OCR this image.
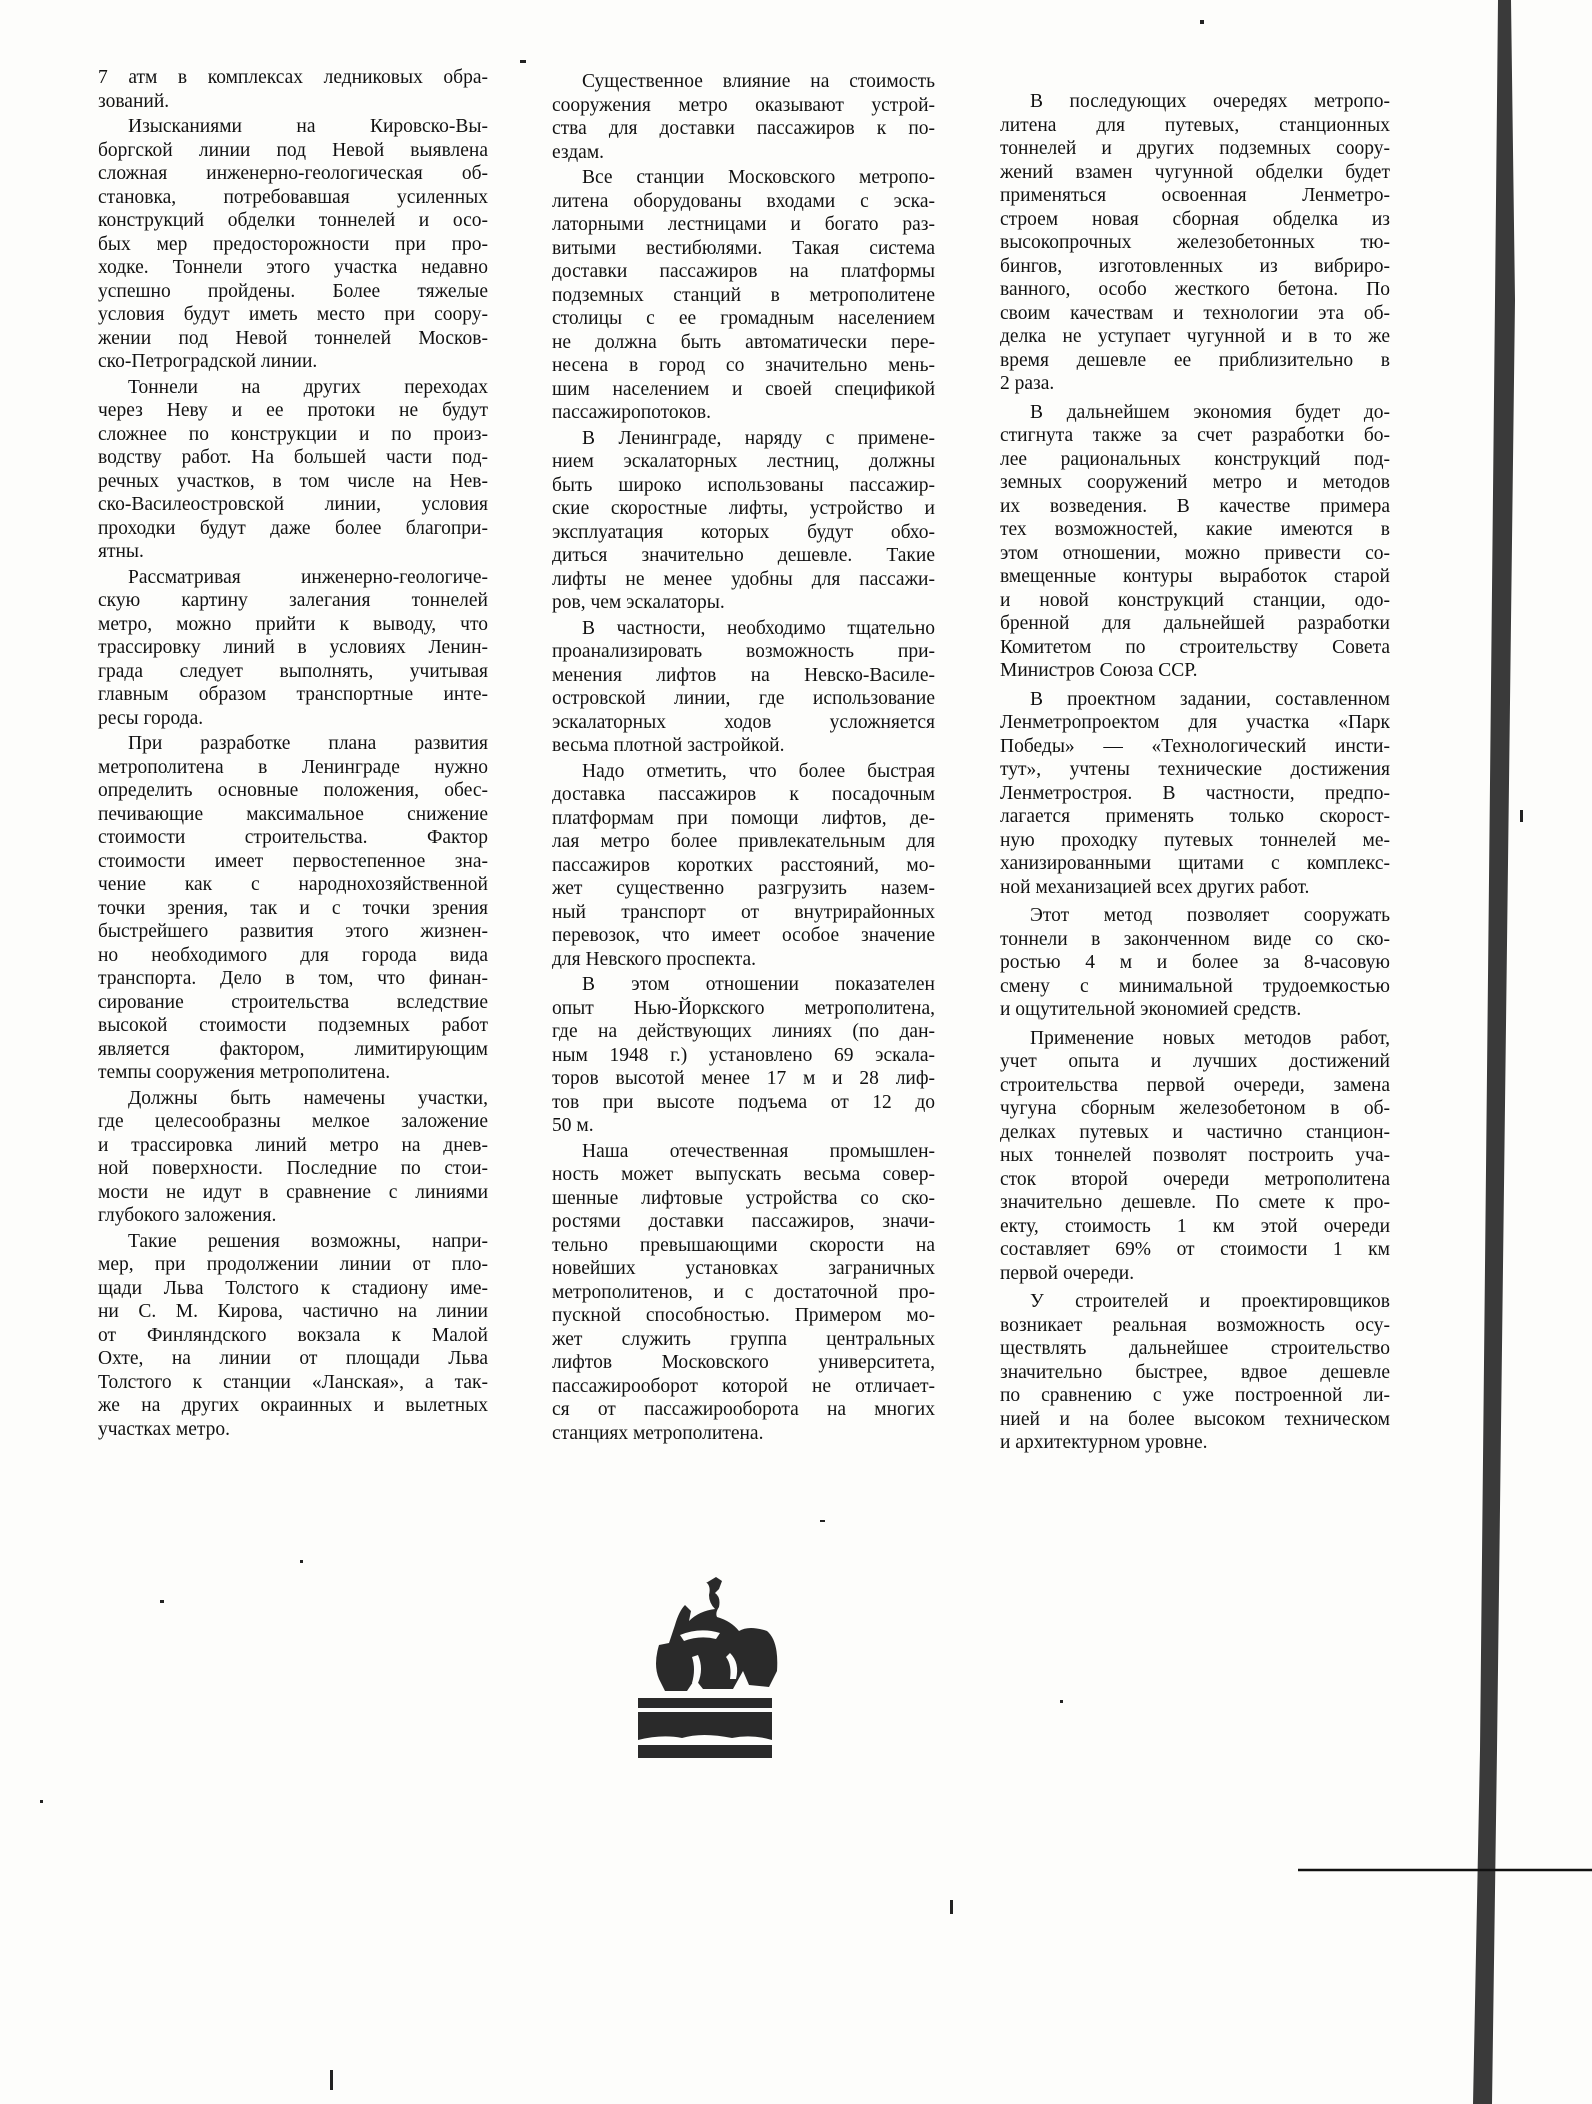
7 атм в комплексах ледниковых обра-
зований.
Изысканиями на Кировско-Вы-
боргской линии под Невой выявлена
сложная инженерно-геологическая об-
становка, потребовавшая усиленных
конструкций обделки тоннелей и осо-
бых мер предосторожности при про-
ходке. Тоннели этого участка недавно
успешно пройдены. Более тяжелые
условия будут иметь место при соору-
жении под Невой тоннелей Москов-
ско-Петроградской линии.
Тоннели на других переходах
через Неву и ее протоки не будут
сложнее по конструкции и по произ-
водству работ. На большей части под-
речных участков, в том числе на Нев-
ско-Василеостровской линии, условия
проходки будут даже более благопри-
ятны.
Рассматривая инженерно-геологиче-
скую картину залегания тоннелей
метро, можно прийти к выводу, что
трассировку линий в условиях Ленин-
града следует выполнять, учитывая
главным образом транспортные инте-
ресы города.
При разработке плана развития
метрополитена в Ленинграде нужно
определить основные положения, обес-
печивающие максимальное снижение
стоимости строительства. Фактор
стоимости имеет первостепенное зна-
чение как с народнохозяйственной
точки зрения, так и с точки зрения
быстрейшего развития этого жизнен-
но необходимого для города вида
транспорта. Дело в том, что финан-
сирование строительства вследствие
высокой стоимости подземных работ
является фактором, лимитирующим
темпы сооружения метрополитена.
Должны быть намечены участки,
где целесообразны мелкое заложение
и трассировка линий метро на днев-
ной поверхности. Последние по стои-
мости не идут в сравнение с линиями
глубокого заложения.
Такие решения возможны, напри-
мер, при продолжении линии от пло-
щади Льва Толстого к стадиону име-
ни С. М. Кирова, частично на линии
от Финляндского вокзала к Малой
Охте, на линии от площади Льва
Толстого к станции «Ланская», а так-
же на других окраинных и вылетных
участках метро.
Существенное влияние на стоимость
сооружения метро оказывают устрой-
ства для доставки пассажиров к по-
ездам.
Все станции Московского метропо-
литена оборудованы входами с эска-
латорными лестницами и богато раз-
витыми вестибюлями. Такая система
доставки пассажиров на платформы
подземных станций в метрополитене
столицы с ее громадным населением
не должна быть автоматически пере-
несена в город со значительно мень-
шим населением и своей спецификой
пассажиропотоков.
В Ленинграде, наряду с примене-
нием эскалаторных лестниц, должны
быть широко использованы пассажир-
ские скоростные лифты, устройство и
эксплуатация которых будут обхо-
диться значительно дешевле. Такие
лифты не менее удобны для пассажи-
ров, чем эскалаторы.
В частности, необходимо тщательно
проанализировать возможность при-
менения лифтов на Невско-Василе-
островской линии, где использование
эскалаторных ходов усложняется
весьма плотной застройкой.
Надо отметить, что более быстрая
доставка пассажиров к посадочным
платформам при помощи лифтов, де-
лая метро более привлекательным для
пассажиров коротких расстояний, мо-
жет существенно разгрузить назем-
ный транспорт от внутрирайонных
перевозок, что имеет особое значение
для Невского проспекта.
В этом отношении показателен
опыт Нью-Йоркского метрополитена,
где на действующих линиях (по дан-
ным 1948 г.) установлено 69 эскала-
торов высотой менее 17 м и 28 лиф-
тов при высоте подъема от 12 до
50 м.
Наша отечественная промышлен-
ность может выпускать весьма совер-
шенные лифтовые устройства со ско-
ростями доставки пассажиров, значи-
тельно превышающими скорости на
новейших установках заграничных
метрополитенов, и с достаточной про-
пускной способностью. Примером мо-
жет служить группа центральных
лифтов Московского университета,
пассажирооборот которой не отличает-
ся от пассажирооборота на многих
станциях метрополитена.
В последующих очередях метропо-
литена для путевых, станционных
тоннелей и других подземных соору-
жений взамен чугунной обделки будет
применяться освоенная Ленметро-
строем новая сборная обделка из
высокопрочных железобетонных тю-
бингов, изготовленных из вибриро-
ванного, особо жесткого бетона. По
своим качествам и технологии эта об-
делка не уступает чугунной и в то же
время дешевле ее приблизительно в
2 раза.
В дальнейшем экономия будет до-
стигнута также за счет разработки бо-
лее рациональных конструкций под-
земных сооружений метро и методов
их возведения. В качестве примера
тех возможностей, какие имеются в
этом отношении, можно привести со-
вмещенные контуры выработок старой
и новой конструкций станции, одо-
бренной для дальнейшей разработки
Комитетом по строительству Совета
Министров Союза ССР.
В проектном задании, составленном
Ленметропроектом для участка «Парк
Победы» — «Технологический инсти-
тут», учтены технические достижения
Ленметростроя. В частности, предпо-
лагается применять только скорост-
ную проходку путевых тоннелей ме-
ханизированными щитами с комплекс-
ной механизацией всех других работ.
Этот метод позволяет сооружать
тоннели в законченном виде со ско-
ростью 4 м и более за 8-часовую
смену с минимальной трудоемкостью
и ощутительной экономией средств.
Применение новых методов работ,
учет опыта и лучших достижений
строительства первой очереди, замена
чугуна сборным железобетоном в об-
делках путевых и частично станцион-
ных тоннелей позволят построить уча-
сток второй очереди метрополитена
значительно дешевле. По смете к про-
екту, стоимость 1 км этой очереди
составляет 69% от стоимости 1 км
первой очереди.
У строителей и проектировщиков
возникает реальная возможность осу-
ществлять дальнейшее строительство
значительно быстрее, вдвое дешевле
по сравнению с уже построенной ли-
нией и на более высоком техническом
и архитектурном уровне.
